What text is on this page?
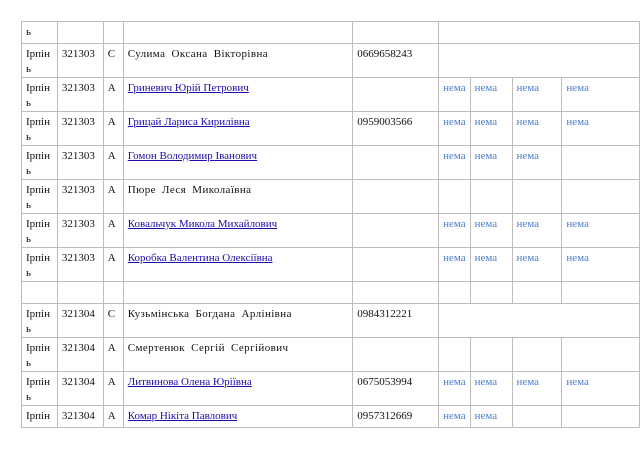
ь								
Ірпінь	321303	С	Сулима Оксана Вікторівна	0669658243				
Ірпінь	321303	А	Гриневич Юрій Петрович		нема	нема	нема	нема
Ірпінь	321303	А	Грицай Лариса Кирилівна	0959003566	нема	нема	нема	нема
Ірпінь	321303	А	Гомон Володимир Іванович		нема	нема	нема	
Ірпінь	321303	А	Пюре Леся Миколаївна					
Ірпінь	321303	А	Ковальчук Микола Михайлович		нема	нема	нема	нема
Ірпінь	321303	А	Коробка Валентина Олексіївна		нема	нема	нема	нема

Ірпінь	321304	С	Кузьмінська Богдана Арлінівна	0984312221				
Ірпінь	321304	А	Смертенюк Сергій Сергійович					
Ірпінь	321304	А	Литвинова Олена Юріївна	0675053994	нема	нема	нема	нема
Ірпін	321304	А	Комар Нікіта Павлович	0957312669	нема	нема		
